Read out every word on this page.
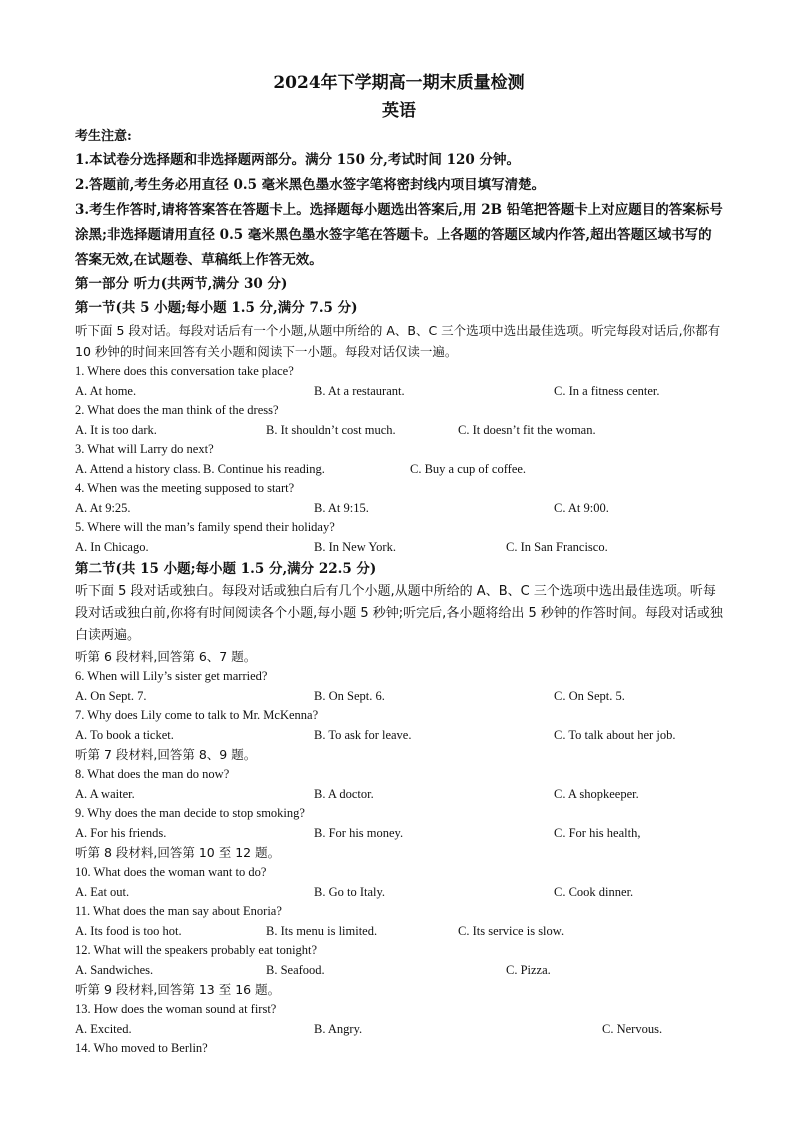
2024年下学期高一期末质量检测
英语
考生注意:
1.本试卷分选择题和非选择题两部分。满分 150 分,考试时间 120 分钟。
2.答题前,考生务必用直径 0.5 毫米黑色墨水签字笔将密封线内项目填写清楚。
3.考生作答时,请将答案答在答题卡上。选择题每小题选出答案后,用 2B 铅笔把答题卡上对应题目的答案标号涂黑;非选择题请用直径 0.5 毫米黑色墨水签字笔在答题卡。上各题的答题区域内作答,超出答题区域书写的答案无效,在试题卷、草稿纸上作答无效。
第一部分 听力(共两节,满分 30 分)
第一节(共 5 小题;每小题 1.5 分,满分 7.5 分)
听下面 5 段对话。每段对话后有一个小题,从题中所给的 A、B、C 三个选项中选出最佳选项。听完每段对话后,你都有 10 秒钟的时间来回答有关小题和阅读下一小题。每段对话仅读一遍。
1. Where does this conversation take place?
A. At home.	B. At a restaurant.	C. In a fitness center.
2. What does the man think of the dress?
A. It is too dark.	B. It shouldn’t cost much.	C. It doesn’t fit the woman.
3. What will Larry do next?
A. Attend a history class. B. Continue his reading.	C. Buy a cup of coffee.
4. When was the meeting supposed to start?
A. At 9:25.	B. At 9:15.	C. At 9:00.
5. Where will the man’s family spend their holiday?
A. In Chicago.	B. In New York.	C. In San Francisco.
第二节(共 15 小题;每小题 1.5 分,满分 22.5 分)
听下面 5 段对话或独白。每段对话或独白后有几个小题,从题中所给的 A、B、C 三个选项中选出最佳选项。听每段对话或独白前,你将有时间阅读各个小题,每小题 5 秒钟;听完后,各小题将给出 5 秒钟的作答时间。每段对话或独白读两遍。
听第 6 段材料,回答第 6、7 题。
6. When will Lily’s sister get married?
A. On Sept. 7.	B. On Sept. 6.	C. On Sept. 5.
7. Why does Lily come to talk to Mr. McKenna?
A. To book a ticket.	B. To ask for leave.	C. To talk about her job.
听第 7 段材料,回答第 8、9 题。
8. What does the man do now?
A. A waiter.	B. A doctor.	C. A shopkeeper.
9. Why does the man decide to stop smoking?
A. For his friends.	B. For his money.	C. For his health,
听第 8 段材料,回答第 10 至 12 题。
10. What does the woman want to do?
A. Eat out.	B. Go to Italy.	C. Cook dinner.
11. What does the man say about Enoria?
A. Its food is too hot.	B. Its menu is limited.	C. Its service is slow.
12. What will the speakers probably eat tonight?
A. Sandwiches.	B. Seafood.	C. Pizza.
听第 9 段材料,回答第 13 至 16 题。
13. How does the woman sound at first?
A. Excited.	B. Angry.	C. Nervous.
14. Who moved to Berlin?
